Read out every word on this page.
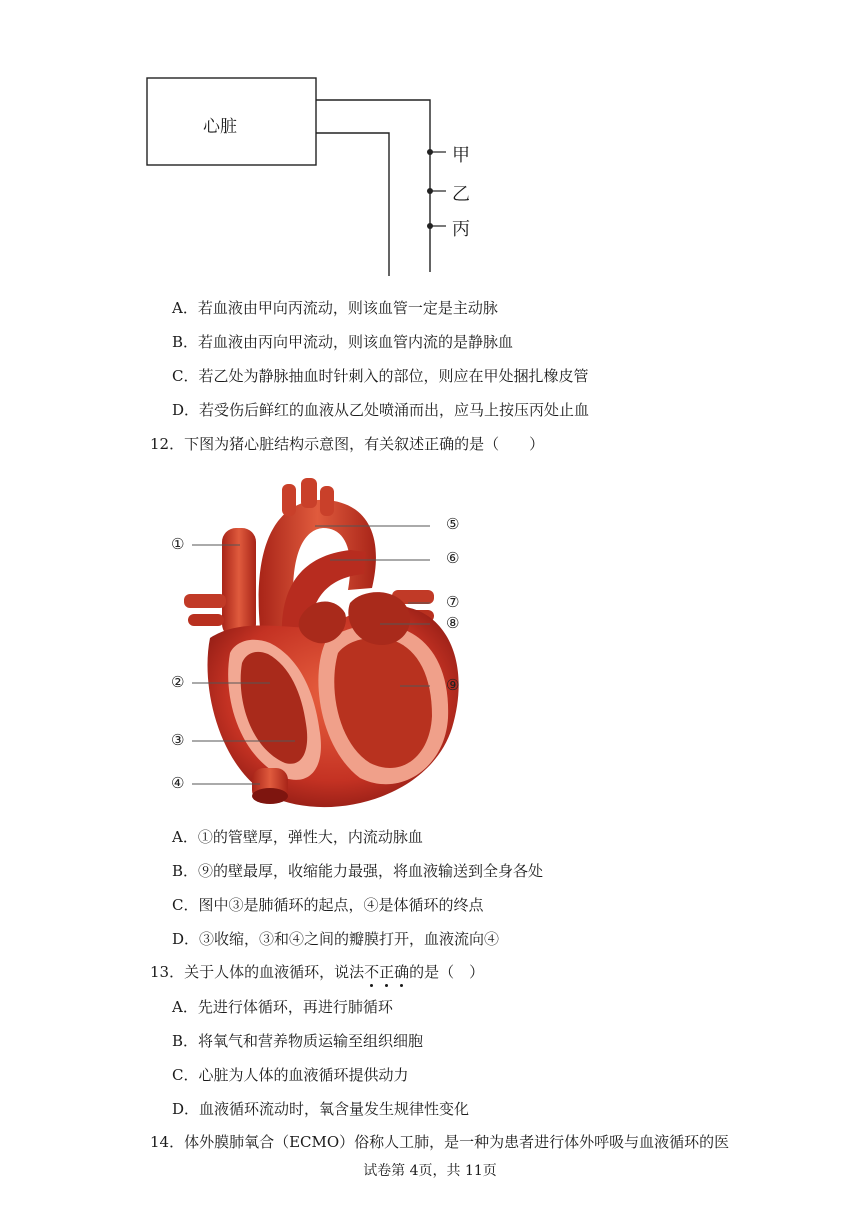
心脏
甲
乙
丙
A．若血液由甲向丙流动，则该血管一定是主动脉
B．若血液由丙向甲流动，则该血管内流的是静脉血
C．若乙处为静脉抽血时针刺入的部位，则应在甲处捆扎橡皮管
D．若受伤后鲜红的血液从乙处喷涌而出，应马上按压丙处止血
12．下图为猪心脏结构示意图，有关叙述正确的是（　　）
①
②
③
④
⑤
⑥
⑦
⑧
⑨
A．①的管壁厚，弹性大，内流动脉血
B．⑨的壁最厚，收缩能力最强，将血液输送到全身各处
C．图中③是肺循环的起点，④是体循环的终点
D．③收缩，③和④之间的瓣膜打开，血液流向④
13．关于人体的血液循环，说法不正确的是（　）
A．先进行体循环，再进行肺循环
B．将氧气和营养物质运输至组织细胞
C．心脏为人体的血液循环提供动力
D．血液循环流动时，氧含量发生规律性变化
14．体外膜肺氧合（ECMO）俗称人工肺，是一种为患者进行体外呼吸与血液循环的医
试卷第 4页，共 11页
